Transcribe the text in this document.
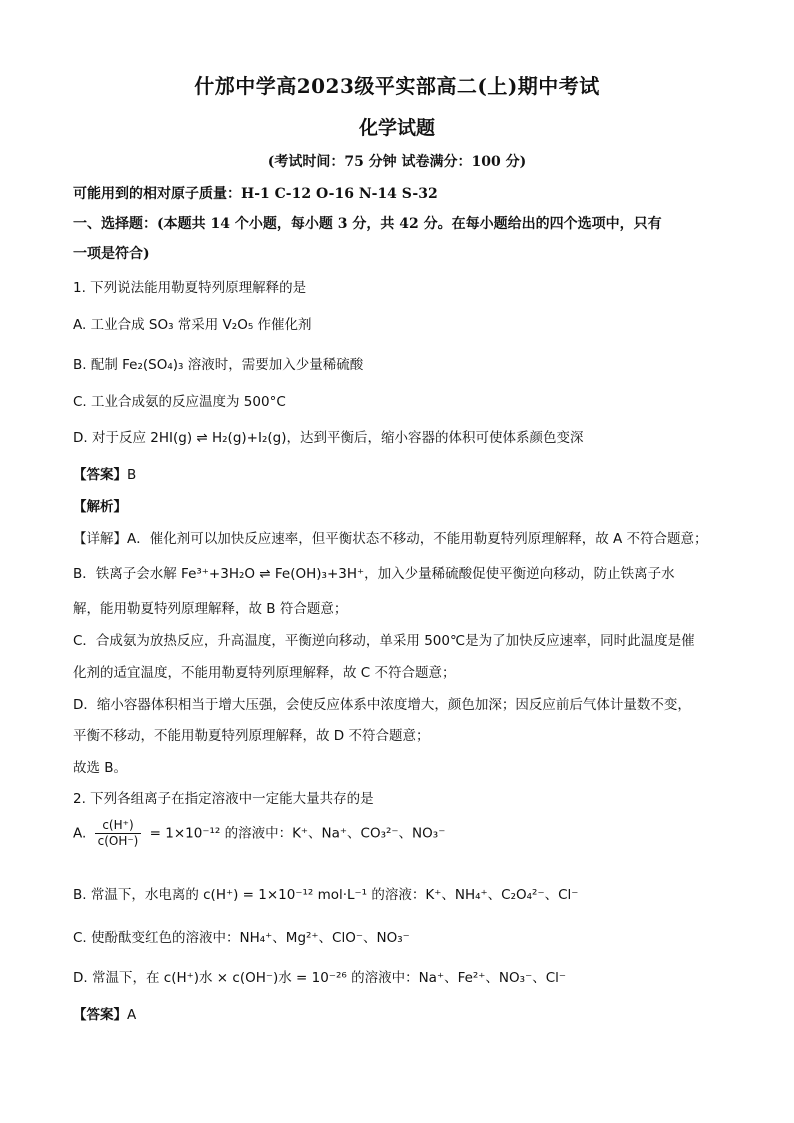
什邡中学高2023级平实部高二(上)期中考试
化学试题
(考试时间：75 分钟 试卷满分：100 分)
可能用到的相对原子质量：H-1 C-12 O-16 N-14 S-32
一、选择题：(本题共 14 个小题，每小题 3 分，共 42 分。在每小题给出的四个选项中，只有
一项是符合)
1. 下列说法能用勒夏特列原理解释的是
A. 工业合成 SO₃ 常采用 V₂O₅ 作催化剂
B. 配制 Fe₂(SO₄)₃ 溶液时，需要加入少量稀硫酸
C. 工业合成氨的反应温度为 500°C
D. 对于反应 2HI(g) ⇌ H₂(g)+I₂(g)，达到平衡后，缩小容器的体积可使体系颜色变深
【答案】B
【解析】
【详解】A．催化剂可以加快反应速率，但平衡状态不移动，不能用勒夏特列原理解释，故 A 不符合题意；
B．铁离子会水解 Fe³⁺+3H₂O ⇌ Fe(OH)₃+3H⁺，加入少量稀硫酸促使平衡逆向移动，防止铁离子水
解，能用勒夏特列原理解释，故 B 符合题意；
C．合成氨为放热反应，升高温度，平衡逆向移动，单采用 500℃是为了加快反应速率，同时此温度是催
化剂的适宜温度，不能用勒夏特列原理解释，故 C 不符合题意；
D．缩小容器体积相当于增大压强，会使反应体系中浓度增大，颜色加深；因反应前后气体计量数不变，
平衡不移动，不能用勒夏特列原理解释，故 D 不符合题意；
故选 B。
2. 下列各组离子在指定溶液中一定能大量共存的是
A. $\frac{c(H^+)}{c(OH^-)} = 1\times 10^{-12}$ 的溶液中：K⁺、Na⁺、CO₃²⁻、NO₃⁻
B. 常温下，水电离的 c(H⁺) = 1×10⁻¹² mol·L⁻¹ 的溶液：K⁺、NH₄⁺、C₂O₄²⁻、Cl⁻
C. 使酚酞变红色的溶液中：NH₄⁺、Mg²⁺、ClO⁻、NO₃⁻
D. 常温下，在 c(H⁺)水 × c(OH⁻)水 = 10⁻²⁶ 的溶液中：Na⁺、Fe²⁺、NO₃⁻、Cl⁻
【答案】A
